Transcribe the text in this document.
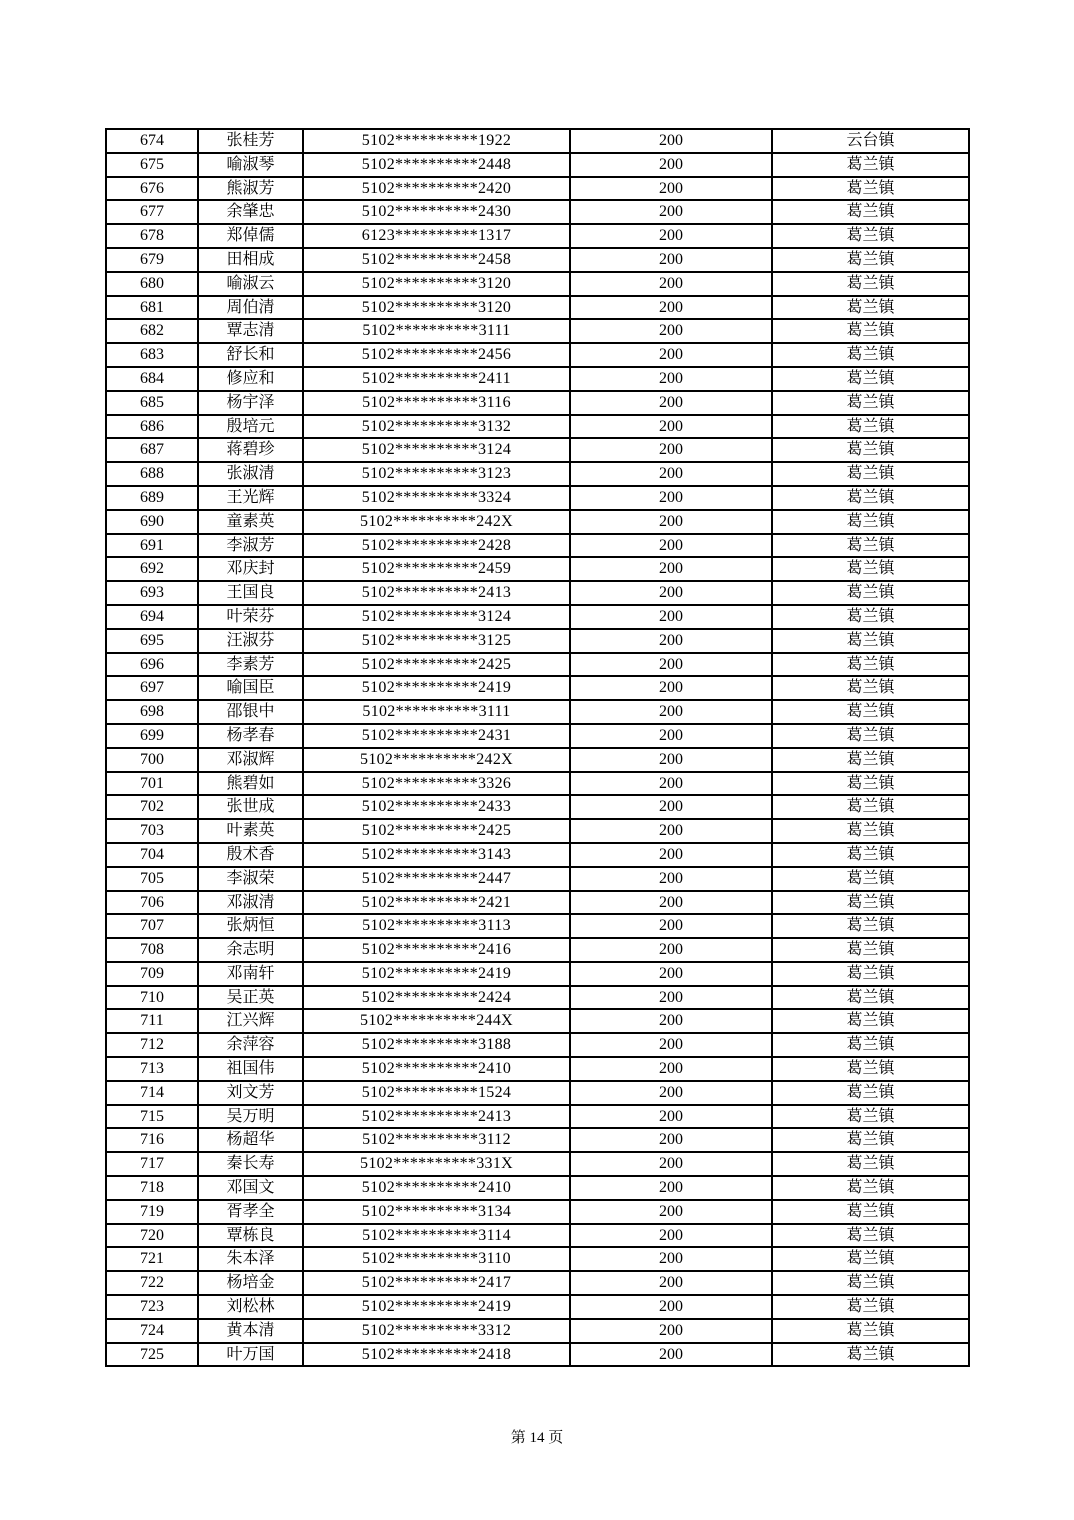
674	张桂芳	5102**********1922	200	云台镇
675	喻淑琴	5102**********2448	200	葛兰镇
676	熊淑芳	5102**********2420	200	葛兰镇
677	余肇忠	5102**********2430	200	葛兰镇
678	郑倬儒	6123**********1317	200	葛兰镇
679	田相成	5102**********2458	200	葛兰镇
680	喻淑云	5102**********3120	200	葛兰镇
681	周伯清	5102**********3120	200	葛兰镇
682	覃志清	5102**********3111	200	葛兰镇
683	舒长和	5102**********2456	200	葛兰镇
684	修应和	5102**********2411	200	葛兰镇
685	杨宇泽	5102**********3116	200	葛兰镇
686	殷培元	5102**********3132	200	葛兰镇
687	蒋碧珍	5102**********3124	200	葛兰镇
688	张淑清	5102**********3123	200	葛兰镇
689	王光辉	5102**********3324	200	葛兰镇
690	童素英	5102**********242X	200	葛兰镇
691	李淑芳	5102**********2428	200	葛兰镇
692	邓庆封	5102**********2459	200	葛兰镇
693	王国良	5102**********2413	200	葛兰镇
694	叶荣芬	5102**********3124	200	葛兰镇
695	汪淑芬	5102**********3125	200	葛兰镇
696	李素芳	5102**********2425	200	葛兰镇
697	喻国臣	5102**********2419	200	葛兰镇
698	邵银中	5102**********3111	200	葛兰镇
699	杨孝春	5102**********2431	200	葛兰镇
700	邓淑辉	5102**********242X	200	葛兰镇
701	熊碧如	5102**********3326	200	葛兰镇
702	张世成	5102**********2433	200	葛兰镇
703	叶素英	5102**********2425	200	葛兰镇
704	殷术香	5102**********3143	200	葛兰镇
705	李淑荣	5102**********2447	200	葛兰镇
706	邓淑清	5102**********2421	200	葛兰镇
707	张炳恒	5102**********3113	200	葛兰镇
708	余志明	5102**********2416	200	葛兰镇
709	邓南轩	5102**********2419	200	葛兰镇
710	吴正英	5102**********2424	200	葛兰镇
711	江兴辉	5102**********244X	200	葛兰镇
712	余萍容	5102**********3188	200	葛兰镇
713	祖国伟	5102**********2410	200	葛兰镇
714	刘文芳	5102**********1524	200	葛兰镇
715	吴万明	5102**********2413	200	葛兰镇
716	杨超华	5102**********3112	200	葛兰镇
717	秦长寿	5102**********331X	200	葛兰镇
718	邓国文	5102**********2410	200	葛兰镇
719	胥孝全	5102**********3134	200	葛兰镇
720	覃栋良	5102**********3114	200	葛兰镇
721	朱本泽	5102**********3110	200	葛兰镇
722	杨培金	5102**********2417	200	葛兰镇
723	刘松林	5102**********2419	200	葛兰镇
724	黄本清	5102**********3312	200	葛兰镇
725	叶万国	5102**********2418	200	葛兰镇
第 14 页
